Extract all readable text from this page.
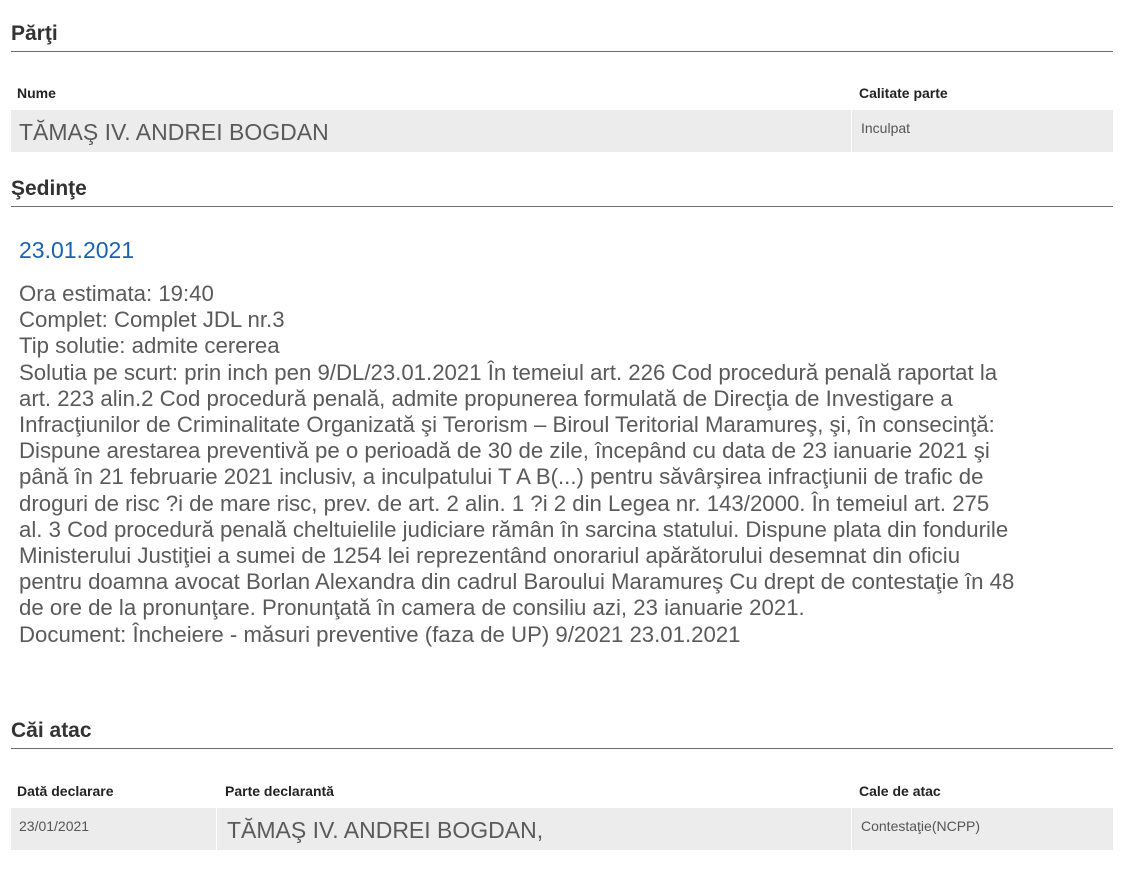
Părţi
Nume	Calitate parte
TĂMAŞ IV. ANDREI BOGDAN	Inculpat
Şedinţe
23.01.2021
Ora estimata: 19:40
Complet: Complet JDL nr.3
Tip solutie: admite cererea
Solutia pe scurt: prin inch pen 9/DL/23.01.2021 În temeiul art. 226 Cod procedură penală raportat la
art. 223 alin.2 Cod procedură penală, admite propunerea formulată de Direcţia de Investigare a
Infracţiunilor de Criminalitate Organizată şi Terorism – Biroul Teritorial Maramureş, şi, în consecinţă:
Dispune arestarea preventivă pe o perioadă de 30 de zile, începând cu data de 23 ianuarie 2021 şi
până în 21 februarie 2021 inclusiv, a inculpatului T A B(...) pentru săvârşirea infracţiunii de trafic de
droguri de risc ?i de mare risc, prev. de art. 2 alin. 1 ?i 2 din Legea nr. 143/2000. În temeiul art. 275
al. 3 Cod procedură penală cheltuielile judiciare rămân în sarcina statului. Dispune plata din fondurile
Ministerului Justiţiei a sumei de 1254 lei reprezentând onorariul apărătorului desemnat din oficiu
pentru doamna avocat Borlan Alexandra din cadrul Baroului Maramureş Cu drept de contestaţie în 48
de ore de la pronunţare. Pronunţată în camera de consiliu azi, 23 ianuarie 2021.
Document: Încheiere - măsuri preventive (faza de UP) 9/2021 23.01.2021
Căi atac
Dată declarare	Parte declarantă	Cale de atac
23/01/2021	TĂMAŞ IV. ANDREI BOGDAN,	Contestaţie(NCPP)
